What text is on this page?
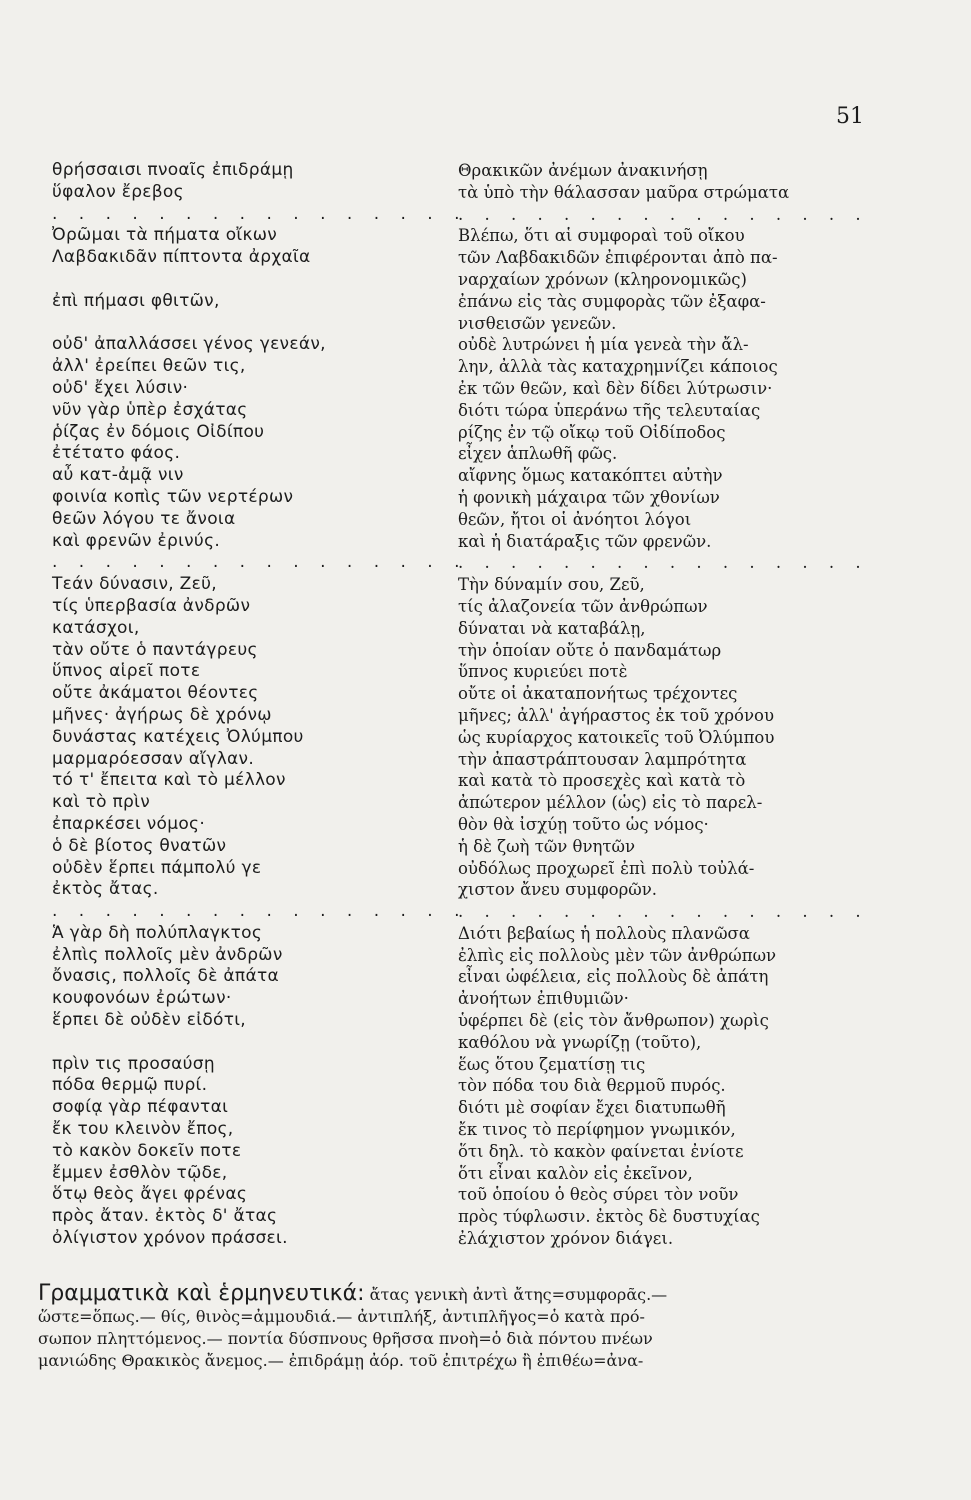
51
θρήσσαισι πνοαῖς ἐπιδράμῃ
ὕφαλον ἔρεβος
. . . . . . . . . . . . . . . .
Ὀρῶμαι τὰ πήματα οἴκων
Λαβδακιδᾶν πίπτοντα ἀρχαῖα
ἐπὶ πήμασι φθιτῶν,
οὐδ' ἀπαλλάσσει γένος γενεάν,
ἀλλ' ἐρείπει θεῶν τις,
οὐδ' ἔχει λύσιν·
νῦν γὰρ ὑπὲρ ἐσχάτας
ῥίζας ἐν δόμοις Οἰδίπου
ἐτέτατο φάος.
αὖ κατ-ἀμᾷ νιν
φοινία κοπὶς τῶν νερτέρων
θεῶν λόγου τε ἄνοια
καὶ φρενῶν ἐρινύς.
. . . . . . . . . . . . . . . .
Τεάν δύνασιν, Ζεῦ,
τίς ὑπερβασία ἀνδρῶν
κατάσχοι,
τὰν οὔτε ὁ παντάγρευς
ὕπνος αἱρεῖ ποτε
οὔτε ἀκάματοι θέοντες
μῆνες· ἀγήρως δὲ χρόνῳ
δυνάστας κατέχεις Ὀλύμπου
μαρμαρόεσσαν αἴγλαν.
τό τ' ἔπειτα καὶ τὸ μέλλον
καὶ τὸ πρὶν
ἐπαρκέσει νόμος·
ὁ δὲ βίοτος θνατῶν
οὐδὲν ἕρπει πάμπολύ γε
ἐκτὸς ἄτας.
. . . . . . . . . . . . . . . .
Ἁ γὰρ δὴ πολύπλαγκτος
ἐλπὶς πολλοῖς μὲν ἀνδρῶν
ὄνασις, πολλοῖς δὲ ἀπάτα
κουφονόων ἐρώτων·
ἕρπει δὲ οὐδὲν εἰδότι,
πρὶν τις προσαύσῃ
πόδα θερμῷ πυρί.
σοφίᾳ γὰρ πέφανται
ἔκ του κλεινὸν ἔπος,
τὸ κακὸν δοκεῖν ποτε
ἔμμεν ἐσθλὸν τῷδε,
ὅτῳ θεὸς ἄγει φρένας
πρὸς ἄταν. ἐκτὸς δ' ἄτας
ὀλίγιστον χρόνον πράσσει.
Θρακικῶν ἀνέμων ἀνακινήσῃ
τὰ ὑπὸ τὴν θάλασσαν μαῦρα στρώματα
. . . . . . . . . . . . . . . .
Βλέπω, ὅτι αἱ συμφοραὶ τοῦ οἴκου
τῶν Λαβδακιδῶν ἐπιφέρονται ἀπὸ πα-
ναρχαίων χρόνων (κληρονομικῶς)
ἐπάνω εἰς τὰς συμφορὰς τῶν ἐξαφα-
νισθεισῶν γενεῶν.
οὐδὲ λυτρώνει ἡ μία γενεὰ τὴν ἄλ-
λην, ἀλλὰ τὰς καταχρημνίζει κάποιος
ἐκ τῶν θεῶν, καὶ δὲν δίδει λύτρωσιν·
διότι τώρα ὑπεράνω τῆς τελευταίας
ρίζης ἐν τῷ οἴκῳ τοῦ Οἰδίποδος
εἶχεν ἁπλωθῆ φῶς.
αἴφνης ὅμως κατακόπτει αὐτὴν
ἡ φονικὴ μάχαιρα τῶν χθονίων
θεῶν, ἤτοι οἱ ἀνόητοι λόγοι
καὶ ἡ διατάραξις τῶν φρενῶν.
. . . . . . . . . . . . . . . .
Τὴν δύναμίν σου, Ζεῦ,
τίς ἀλαζονεία τῶν ἀνθρώπων
δύναται νὰ καταβάλῃ,
τὴν ὁποίαν οὔτε ὁ πανδαμάτωρ
ὕπνος κυριεύει ποτὲ
οὔτε οἱ ἀκαταπονήτως τρέχοντες
μῆνες; ἀλλ' ἀγήραστος ἐκ τοῦ χρόνου
ὡς κυρίαρχος κατοικεῖς τοῦ Ὀλύμπου
τὴν ἀπαστράπτουσαν λαμπρότητα
καὶ κατὰ τὸ προσεχὲς καὶ κατὰ τὸ
ἀπώτερον μέλλον (ὡς) εἰς τὸ παρελ-
θὸν θὰ ἰσχύῃ τοῦτο ὡς νόμος·
ἡ δὲ ζωὴ τῶν θνητῶν
οὐδόλως προχωρεῖ ἐπὶ πολὺ τοὐλά-
χιστον ἄνευ συμφορῶν.
. . . . . . . . . . . . . . . .
Διότι βεβαίως ἡ πολλοὺς πλανῶσα
ἐλπὶς εἰς πολλοὺς μὲν τῶν ἀνθρώπων
εἶναι ὠφέλεια, εἰς πολλοὺς δὲ ἀπάτη
ἀνοήτων ἐπιθυμιῶν·
ὑφέρπει δὲ (εἰς τὸν ἄνθρωπον) χωρὶς
καθόλου νὰ γνωρίζῃ (τοῦτο),
ἕως ὅτου ζεματίσῃ τις
τὸν πόδα του διὰ θερμοῦ πυρός.
διότι μὲ σοφίαν ἔχει διατυπωθῆ
ἔκ τινος τὸ περίφημον γνωμικόν,
ὅτι δηλ. τὸ κακὸν φαίνεται ἐνίοτε
ὅτι εἶναι καλὸν εἰς ἐκεῖνον,
τοῦ ὁποίου ὁ θεὸς σύρει τὸν νοῦν
πρὸς τύφλωσιν. ἐκτὸς δὲ δυστυχίας
ἐλάχιστον χρόνον διάγει.
Γραμματικὰ καὶ ἑρμηνευτικά: ἄτας γενικὴ ἀντὶ ἄτης=συμφορᾶς.—
ὥστε=ὅπως.— θίς, θινὸς=ἀμμουδιά.— ἀντιπλήξ, ἀντιπλῆγος=ὁ κατὰ πρό-
σωπον πληττόμενος.— ποντία δύσπνους θρῆσσα πνοὴ=ὁ διὰ πόντου πνέων
μανιώδης Θρακικὸς ἄνεμος.— ἐπιδράμῃ ἀόρ. τοῦ ἐπιτρέχω ἢ ἐπιθέω=ἀνα-
